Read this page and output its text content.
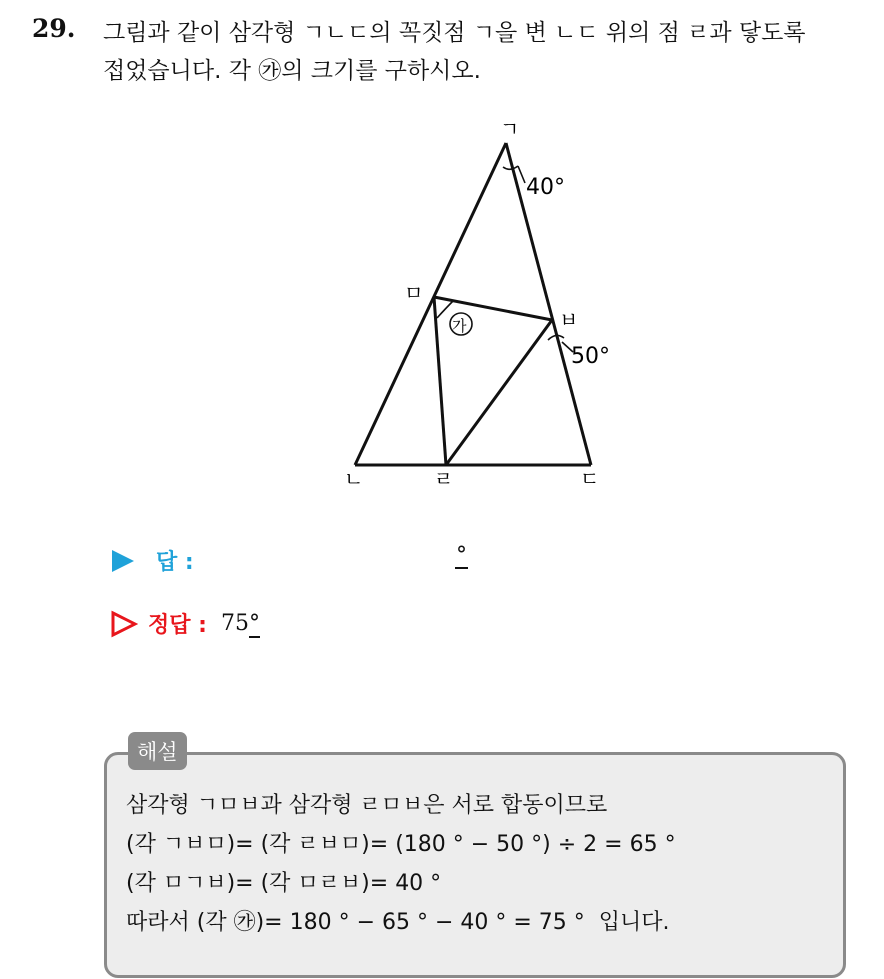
29. 그림과 같이 삼각형 ㄱㄴㄷ의 꼭짓점 ㄱ을 변 ㄴㄷ 위의 점 ㄹ과 닿도록
접었습니다. 각 ㉮의 크기를 구하시오.
ㄱ
ㄴ	ㄷ
ㄹ
ㅁ
ㅂ
40°
50°
가
답 :	°
정답 : 75°
해설
삼각형 ㄱㅁㅂ과 삼각형 ㄹㅁㅂ은 서로 합동이므로
(각 ㄱㅂㅁ)= (각 ㄹㅂㅁ)= (180 ° − 50 °) ÷ 2 = 65 °
(각 ㅁㄱㅂ)= (각 ㅁㄹㅂ)= 40 °
따라서 (각 ㉮)= 180 ° − 65 ° − 40 ° = 75 °  입니다.
